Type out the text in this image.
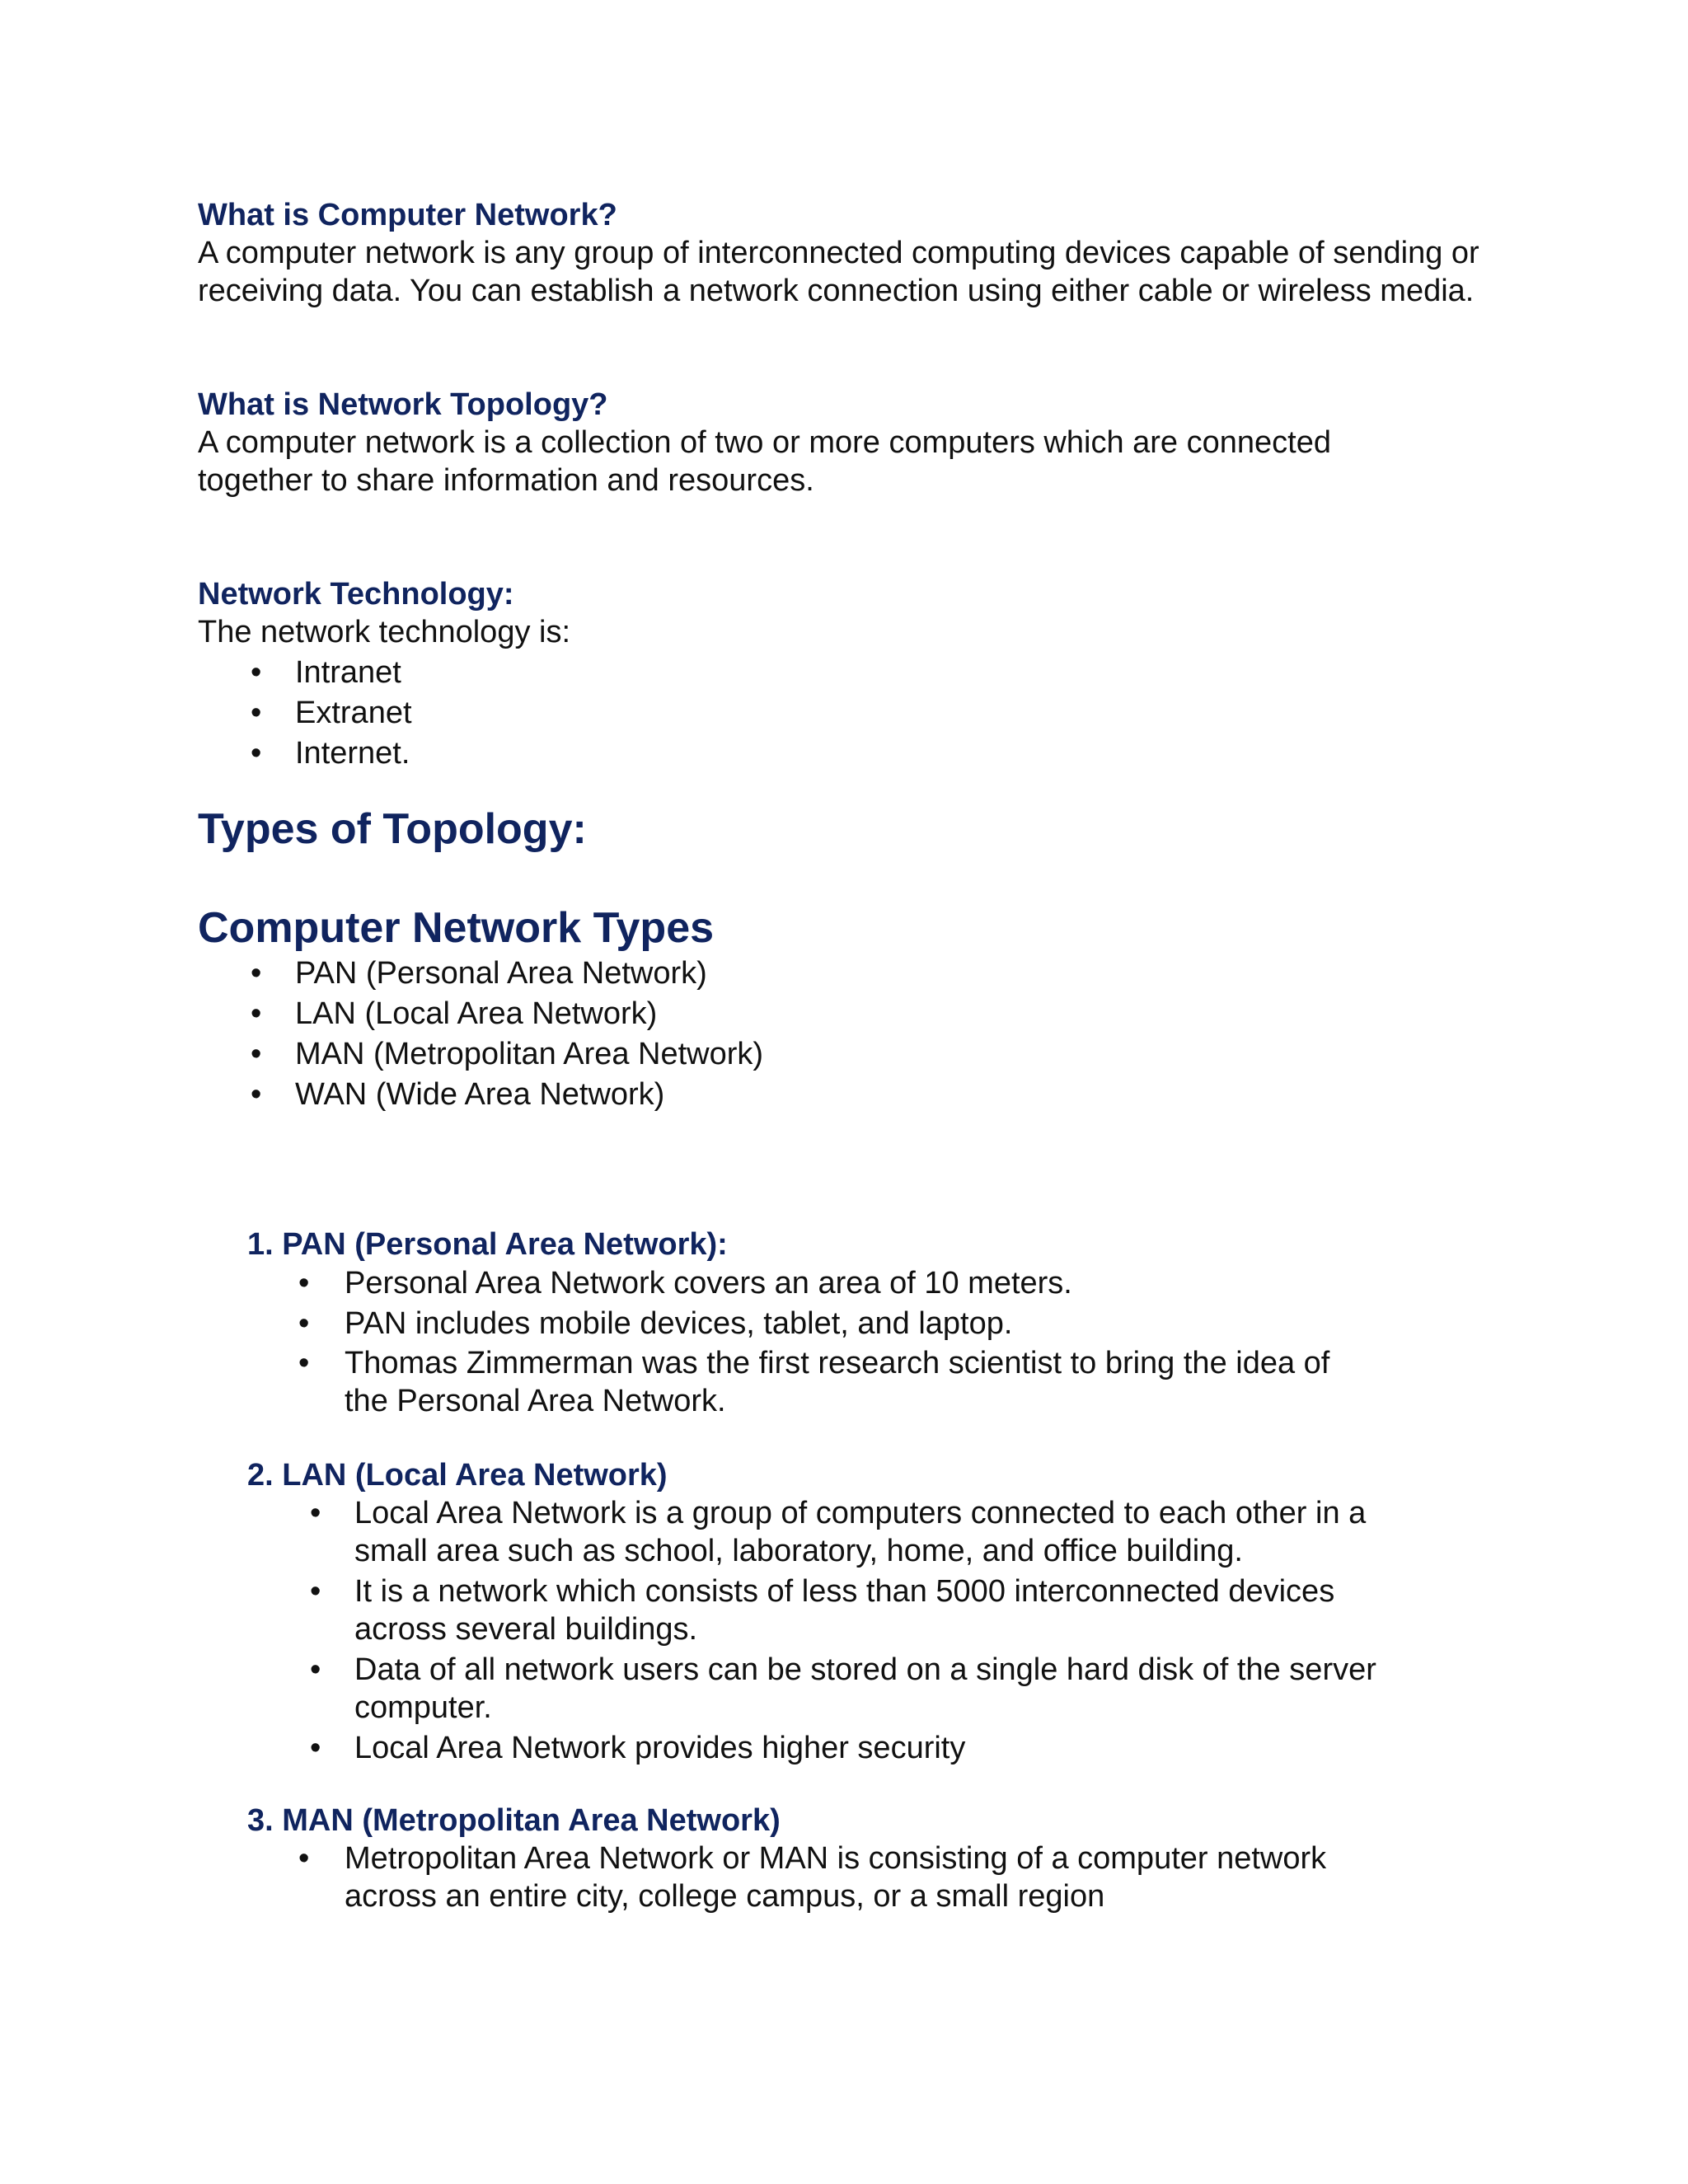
What is Computer Network?

A computer network is any group of interconnected computing devices capable of sending or receiving data. You can establish a network connection using either cable or wireless media.

What is Network Topology?

A computer network is a collection of two or more computers which are connected together to share information and resources.

Network Technology:

The network technology is:

• Intranet
• Extranet
• Internet.

Types of Topology:

Computer Network Types

• PAN (Personal Area Network)
• LAN (Local Area Network)
• MAN (Metropolitan Area Network)
• WAN (Wide Area Network)

1. PAN (Personal Area Network):

• Personal Area Network covers an area of 10 meters.
• PAN includes mobile devices, tablet, and laptop.
• Thomas Zimmerman was the first research scientist to bring the idea of the Personal Area Network.

2. LAN (Local Area Network)

• Local Area Network is a group of computers connected to each other in a small area such as school, laboratory, home, and office building.
• It is a network which consists of less than 5000 interconnected devices across several buildings.
• Data of all network users can be stored on a single hard disk of the server computer.
• Local Area Network provides higher security

3. MAN (Metropolitan Area Network)

• Metropolitan Area Network or MAN is consisting of a computer network across an entire city, college campus, or a small region
